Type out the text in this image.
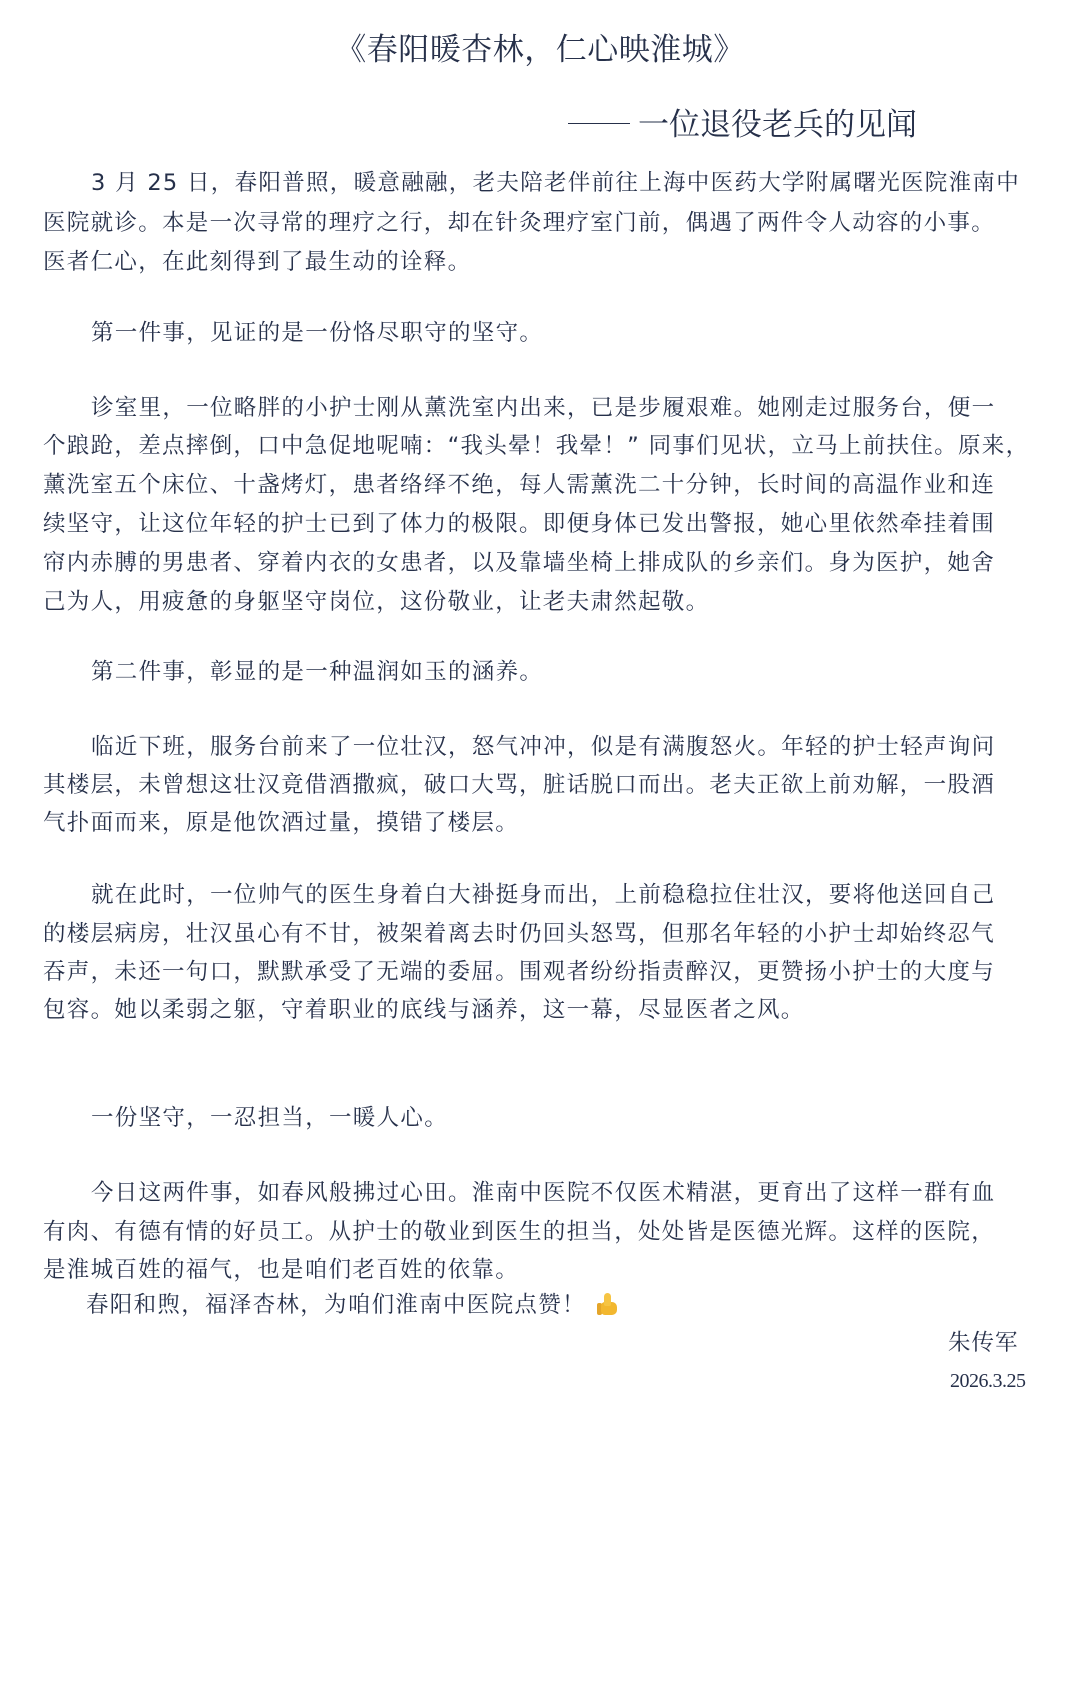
《春阳暖杏林，仁心映淮城》
一位退役老兵的见闻
3 月 25 日，春阳普照，暖意融融，老夫陪老伴前往上海中医药大学附属曙光医院淮南中
医院就诊。本是一次寻常的理疗之行，却在针灸理疗室门前，偶遇了两件令人动容的小事。
医者仁心，在此刻得到了最生动的诠释。
第一件事，见证的是一份恪尽职守的坚守。
诊室里，一位略胖的小护士刚从薰洗室内出来，已是步履艰难。她刚走过服务台，便一
个踉跄，差点摔倒，口中急促地呢喃：“我头晕！我晕！” 同事们见状，立马上前扶住。原来，
薰洗室五个床位、十盏烤灯，患者络绎不绝，每人需薰洗二十分钟，长时间的高温作业和连
续坚守，让这位年轻的护士已到了体力的极限。即便身体已发出警报，她心里依然牵挂着围
帘内赤膊的男患者、穿着内衣的女患者，以及靠墙坐椅上排成队的乡亲们。身为医护，她舍
己为人，用疲惫的身躯坚守岗位，这份敬业，让老夫肃然起敬。
第二件事，彰显的是一种温润如玉的涵养。
临近下班，服务台前来了一位壮汉，怒气冲冲，似是有满腹怒火。年轻的护士轻声询问
其楼层，未曾想这壮汉竟借酒撒疯，破口大骂，脏话脱口而出。老夫正欲上前劝解，一股酒
气扑面而来，原是他饮酒过量，摸错了楼层。
就在此时，一位帅气的医生身着白大褂挺身而出，上前稳稳拉住壮汉，要将他送回自己
的楼层病房，壮汉虽心有不甘，被架着离去时仍回头怒骂，但那名年轻的小护士却始终忍气
吞声，未还一句口，默默承受了无端的委屈。围观者纷纷指责醉汉，更赞扬小护士的大度与
包容。她以柔弱之躯，守着职业的底线与涵养，这一幕，尽显医者之风。
一份坚守，一忍担当，一暖人心。
今日这两件事，如春风般拂过心田。淮南中医院不仅医术精湛，更育出了这样一群有血
有肉、有德有情的好员工。从护士的敬业到医生的担当，处处皆是医德光辉。这样的医院，
是淮城百姓的福气，也是咱们老百姓的依靠。
春阳和煦，福泽杏林，为咱们淮南中医院点赞！
朱传军
2026.3.25
